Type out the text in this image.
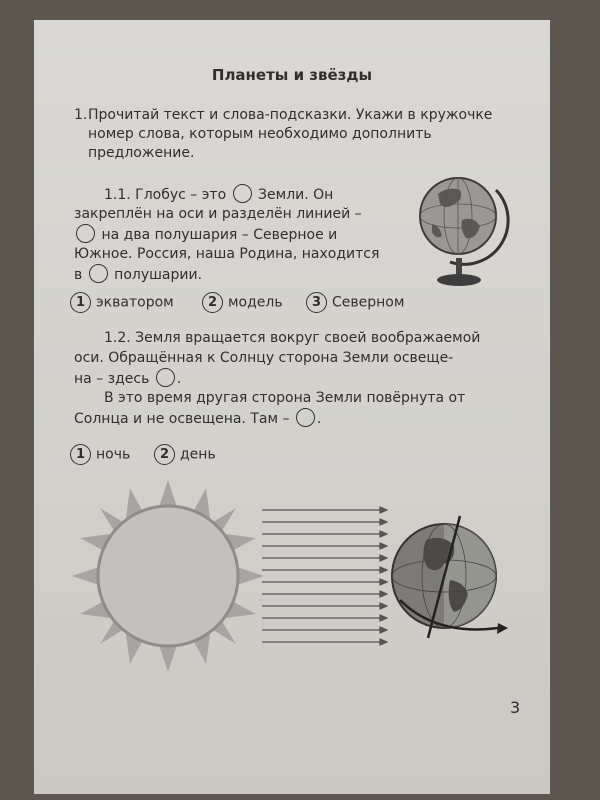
Планеты и звёзды
1. Прочитай текст и слова-подсказки. Укажи в кружочке номер слова, которым необходимо дополнить предложение.
1.1. Глобус – это Земли. Он
закреплён на оси и разделён линией –
на два полушария – Северное и
Южное. Россия, наша Родина, находится
в полушарии.
1 экватором	2 модель	3 Северном
1.2. Земля вращается вокруг своей воображаемой
оси. Обращённая к Солнцу сторона Земли освеще-
на – здесь .
В это время другая сторона Земли повёрнута от
Солнца и не освещена. Там – .
1 ночь	2 день
3
